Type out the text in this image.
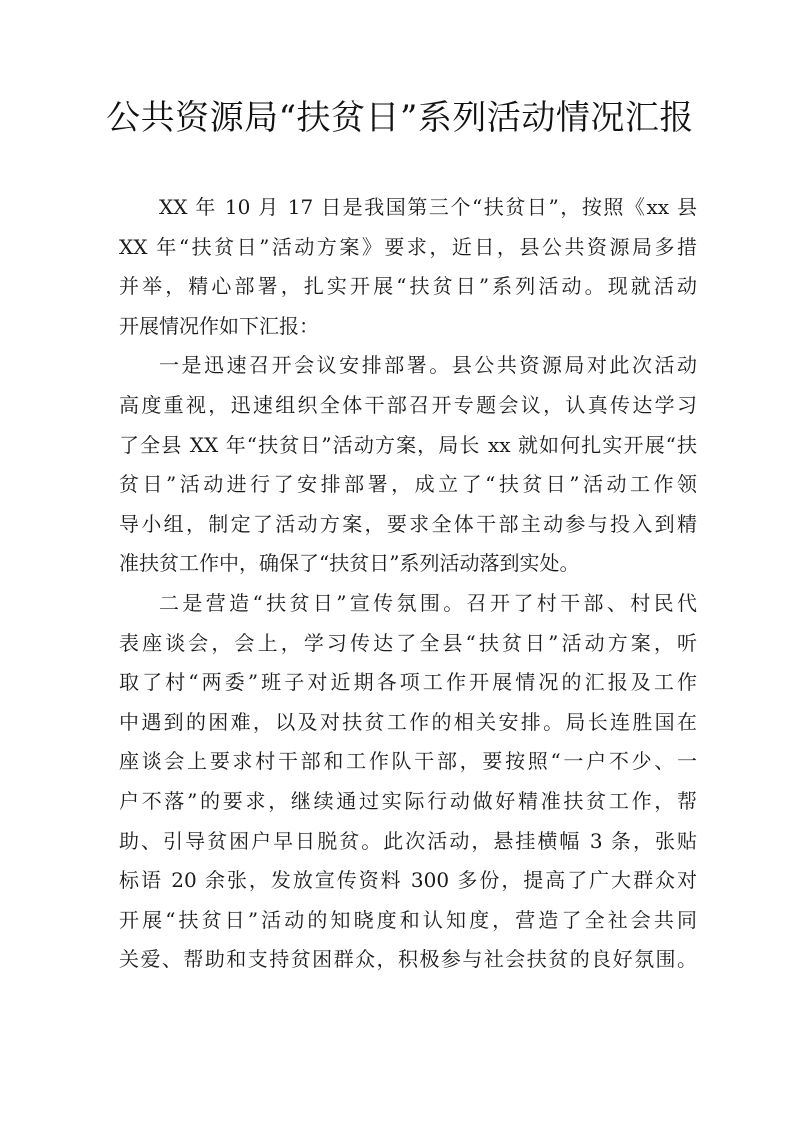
公共资源局“扶贫日”系列活动情况汇报
XX 年 10 月 17 日是我国第三个“扶贫日”，按照《xx 县
XX 年“扶贫日”活动方案》要求，近日，县公共资源局多措
并举，精心部署，扎实开展“扶贫日”系列活动。现就活动
开展情况作如下汇报：
一是迅速召开会议安排部署。县公共资源局对此次活动
高度重视，迅速组织全体干部召开专题会议，认真传达学习
了全县 XX 年“扶贫日”活动方案，局长 xx 就如何扎实开展“扶
贫日”活动进行了安排部署，成立了“扶贫日”活动工作领
导小组，制定了活动方案，要求全体干部主动参与投入到精
准扶贫工作中，确保了“扶贫日”系列活动落到实处。
二是营造“扶贫日”宣传氛围。召开了村干部、村民代
表座谈会，会上，学习传达了全县“扶贫日”活动方案，听
取了村“两委”班子对近期各项工作开展情况的汇报及工作
中遇到的困难，以及对扶贫工作的相关安排。局长连胜国在
座谈会上要求村干部和工作队干部，要按照“一户不少、一
户不落”的要求，继续通过实际行动做好精准扶贫工作，帮
助、引导贫困户早日脱贫。此次活动，悬挂横幅 3 条，张贴
标语 20 余张，发放宣传资料 300 多份，提高了广大群众对
开展“扶贫日”活动的知晓度和认知度，营造了全社会共同
关爱、帮助和支持贫困群众，积极参与社会扶贫的良好氛围。
